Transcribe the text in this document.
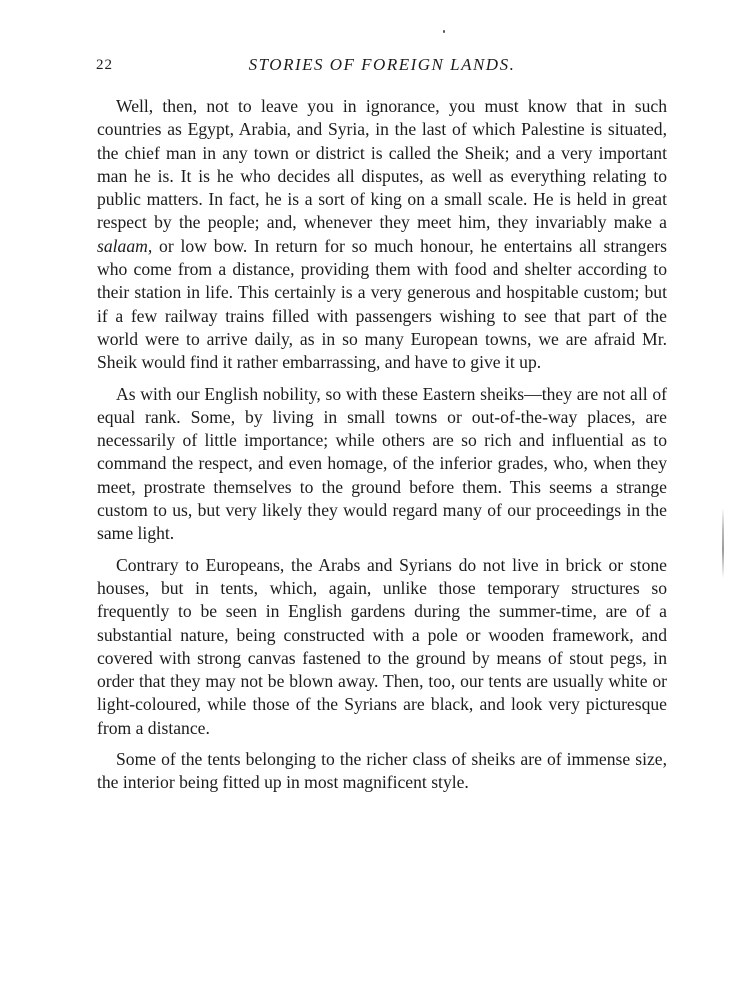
22	STORIES OF FOREIGN LANDS.

Well, then, not to leave you in ignorance, you must know that in such countries as Egypt, Arabia, and Syria, in the last of which Palestine is situated, the chief man in any town or district is called the Sheik; and a very important man he is. It is he who decides all disputes, as well as everything relating to public matters. In fact, he is a sort of king on a small scale. He is held in great respect by the people; and, whenever they meet him, they invariably make a salaam, or low bow. In return for so much honour, he entertains all strangers who come from a distance, providing them with food and shelter according to their station in life. This certainly is a very generous and hospitable custom; but if a few railway trains filled with passengers wishing to see that part of the world were to arrive daily, as in so many European towns, we are afraid Mr. Sheik would find it rather embarrassing, and have to give it up.

As with our English nobility, so with these Eastern sheiks—they are not all of equal rank. Some, by living in small towns or out-of-the-way places, are necessarily of little importance; while others are so rich and influential as to command the respect, and even homage, of the inferior grades, who, when they meet, prostrate themselves to the ground before them. This seems a strange custom to us, but very likely they would regard many of our proceedings in the same light.

Contrary to Europeans, the Arabs and Syrians do not live in brick or stone houses, but in tents, which, again, unlike those temporary structures so frequently to be seen in English gardens during the summer-time, are of a substantial nature, being constructed with a pole or wooden framework, and covered with strong canvas fastened to the ground by means of stout pegs, in order that they may not be blown away. Then, too, our tents are usually white or light-coloured, while those of the Syrians are black, and look very picturesque from a distance.

Some of the tents belonging to the richer class of sheiks are of immense size, the interior being fitted up in most magnificent style.
